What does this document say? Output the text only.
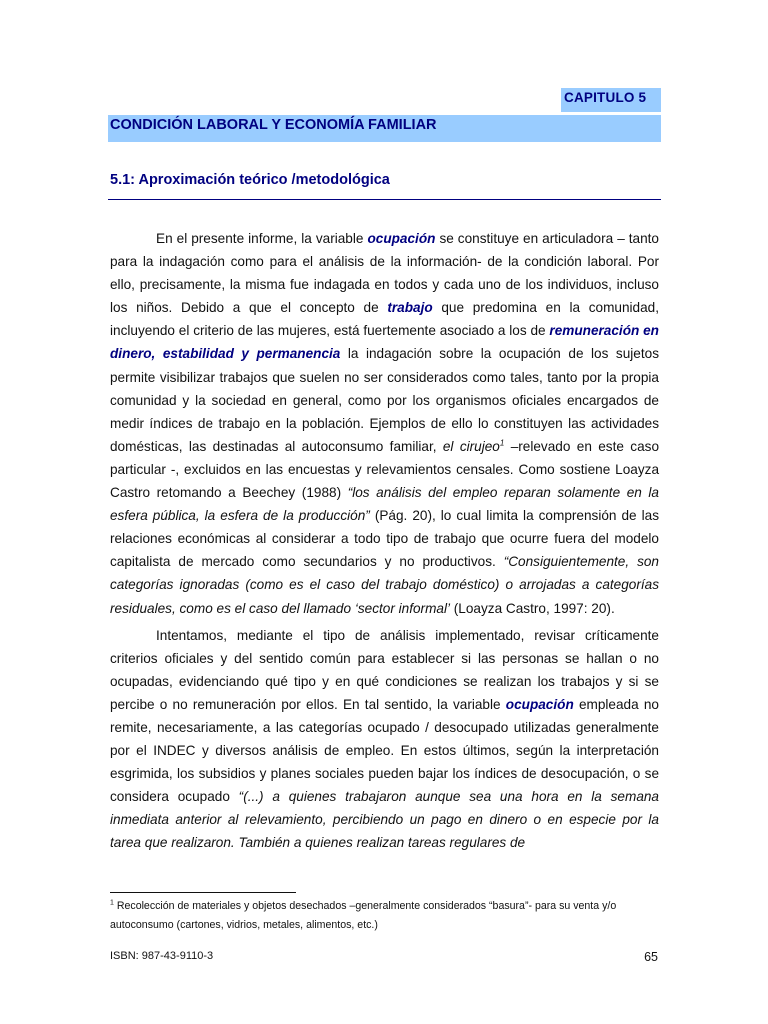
CAPITULO 5
CONDICIÓN LABORAL Y ECONOMÍA FAMILIAR
5.1: Aproximación teórico /metodológica

En el presente informe, la variable ocupación se constituye en articuladora – tanto para la indagación como para el análisis de la información- de la condición laboral. Por ello, precisamente, la misma fue indagada en todos y cada uno de los individuos, incluso los niños. Debido a que el concepto de trabajo que predomina en la comunidad, incluyendo el criterio de las mujeres, está fuertemente asociado a los de remuneración en dinero, estabilidad y permanencia la indagación sobre la ocupación de los sujetos permite visibilizar trabajos que suelen no ser considerados como tales, tanto por la propia comunidad y la sociedad en general, como por los organismos oficiales encargados de medir índices de trabajo en la población. Ejemplos de ello lo constituyen las actividades domésticas, las destinadas al autoconsumo familiar, el cirujeo$^1$ –relevado en este caso particular -, excluidos en las encuestas y relevamientos censales. Como sostiene Loayza Castro retomando a Beechey (1988) “los análisis del empleo reparan solamente en la esfera pública, la esfera de la producción” (Pág. 20), lo cual limita la comprensión de las relaciones económicas al considerar a todo tipo de trabajo que ocurre fuera del modelo capitalista de mercado como secundarios y no productivos. “Consiguientemente, son categorías ignoradas (como es el caso del trabajo doméstico) o arrojadas a categorías residuales, como es el caso del llamado ‘sector informal’ (Loayza Castro, 1997: 20).

Intentamos, mediante el tipo de análisis implementado, revisar críticamente criterios oficiales y del sentido común para establecer si las personas se hallan o no ocupadas, evidenciando qué tipo y en qué condiciones se realizan los trabajos y si se percibe o no remuneración por ellos. En tal sentido, la variable ocupación empleada no remite, necesariamente, a las categorías ocupado / desocupado utilizadas generalmente por el INDEC y diversos análisis de empleo. En estos últimos, según la interpretación esgrimida, los subsidios y planes sociales pueden bajar los índices de desocupación, o se considera ocupado “(...) a quienes trabajaron aunque sea una hora en la semana inmediata anterior al relevamiento, percibiendo un pago en dinero o en especie por la tarea que realizaron. También a quienes realizan tareas regulares de

$^1$ Recolección de materiales y objetos desechados –generalmente considerados “basura”- para su venta y/o autoconsumo (cartones, vidrios, metales, alimentos, etc.)
ISBN: 987-43-9110-3	65
